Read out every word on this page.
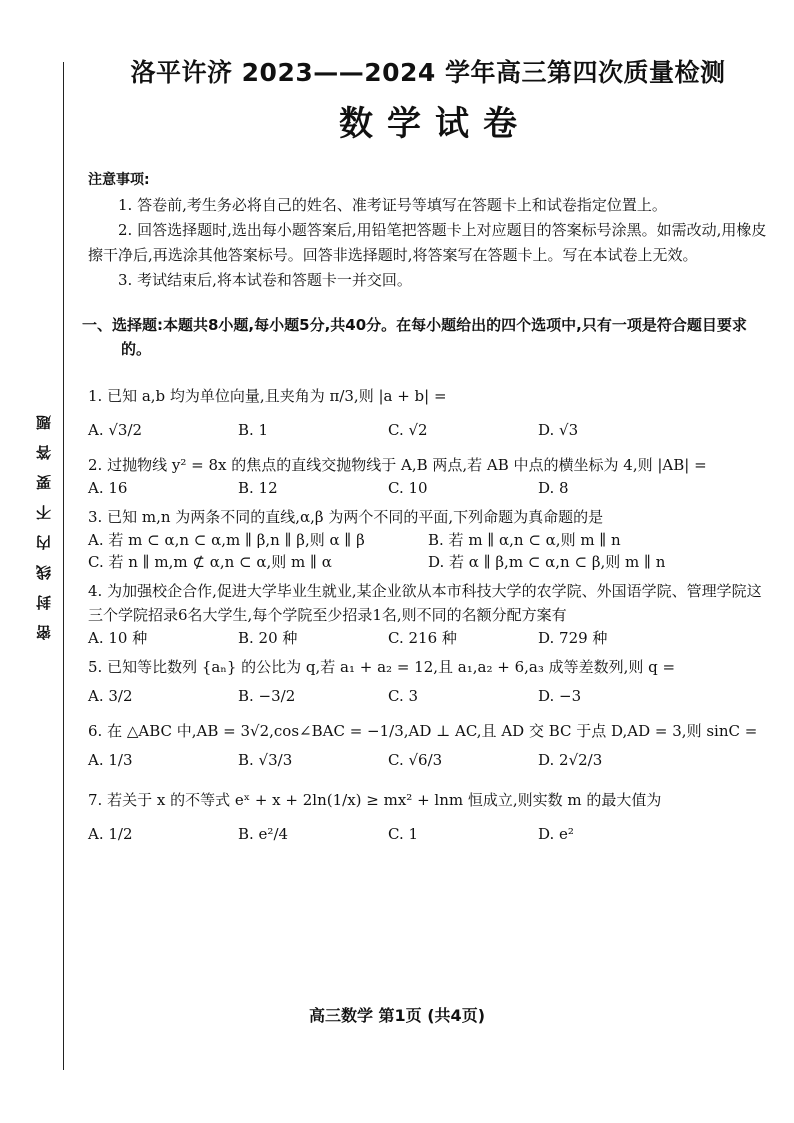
密封线内不要答题
洛平许济 2023——2024 学年高三第四次质量检测
数学试卷
注意事项:
1. 答卷前,考生务必将自己的姓名、准考证号等填写在答题卡上和试卷指定位置上。
2. 回答选择题时,选出每小题答案后,用铅笔把答题卡上对应题目的答案标号涂黑。如需改动,用橡皮擦干净后,再选涂其他答案标号。回答非选择题时,将答案写在答题卡上。写在本试卷上无效。
3. 考试结束后,将本试卷和答题卡一并交回。
一、选择题:本题共8小题,每小题5分,共40分。在每小题给出的四个选项中,只有一项是符合题目要求的。
1. 已知 a,b 均为单位向量,且夹角为 π/3,则 |a + b| =
A. √3/2	B. 1	C. √2	D. √3
2. 过抛物线 y² = 8x 的焦点的直线交抛物线于 A,B 两点,若 AB 中点的横坐标为 4,则 |AB| =
A. 16	B. 12	C. 10	D. 8
3. 已知 m,n 为两条不同的直线,α,β 为两个不同的平面,下列命题为真命题的是
A. 若 m ⊂ α,n ⊂ α,m ∥ β,n ∥ β,则 α ∥ β	B. 若 m ∥ α,n ⊂ α,则 m ∥ n
C. 若 n ∥ m,m ⊄ α,n ⊂ α,则 m ∥ α	D. 若 α ∥ β,m ⊂ α,n ⊂ β,则 m ∥ n
4. 为加强校企合作,促进大学毕业生就业,某企业欲从本市科技大学的农学院、外国语学院、管理学院这三个学院招录6名大学生,每个学院至少招录1名,则不同的名额分配方案有
A. 10 种	B. 20 种	C. 216 种	D. 729 种
5. 已知等比数列 {aₙ} 的公比为 q,若 a₁ + a₂ = 12,且 a₁,a₂ + 6,a₃ 成等差数列,则 q =
A. 3/2	B. −3/2	C. 3	D. −3
6. 在 △ABC 中,AB = 3√2,cos∠BAC = −1/3,AD ⊥ AC,且 AD 交 BC 于点 D,AD = 3,则 sinC =
A. 1/3	B. √3/3	C. √6/3	D. 2√2/3
7. 若关于 x 的不等式 eˣ + x + 2ln(1/x) ≥ mx² + lnm 恒成立,则实数 m 的最大值为
A. 1/2	B. e²/4	C. 1	D. e²
高三数学 第1页 (共4页)
